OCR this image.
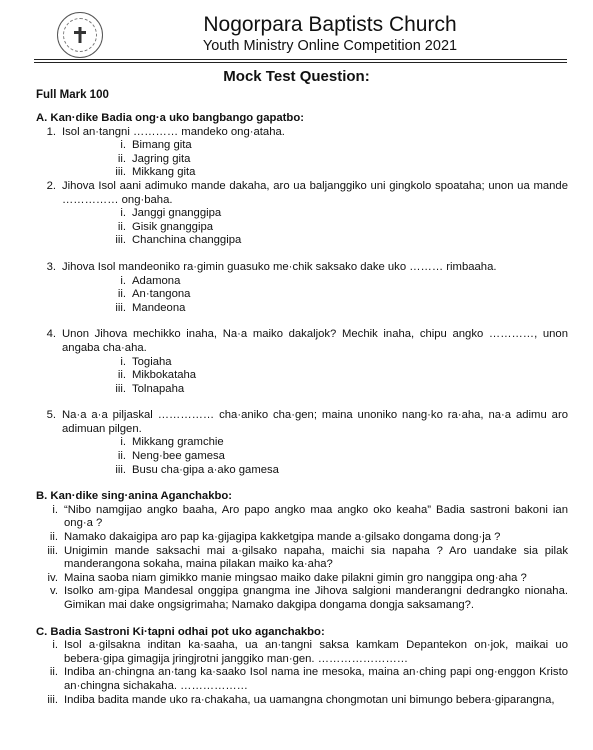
Nogorpara Baptists Church
Youth Ministry Online Competition 2021
Mock Test Question:
Full Mark 100
A. Kan·dike Badia ong·a uko bangbango gapatbo:
1. Isol an·tangni ………… mandeko ong·ataha.
i. Bimang gita
ii. Jagring gita
iii. Mikkang gita
2. Jihova Isol aani adimuko mande dakaha, aro ua baljanggiko uni gingkolo spoataha; unon ua mande …………… ong·baha.
i. Janggi gnanggipa
ii. Gisik gnanggipa
iii. Chanchina changgipa
3. Jihova Isol mandeoniko ra·gimin guasuko me·chik saksako dake uko ……… rimbaaha.
i. Adamona
ii. An·tangona
iii. Mandeona
4. Unon Jihova mechikko inaha, Na·a maiko dakaljok? Mechik inaha, chipu angko …………, unon angaba cha·aha.
i. Togiaha
ii. Mikbokataha
iii. Tolnapaha
5. Na·a a·a piljaskal …………… cha·aniko cha·gen; maina unoniko nang·ko ra·aha, na·a adimu aro adimuan pilgen.
i. Mikkang gramchie
ii. Neng·bee gamesa
iii. Busu cha·gipa a·ako gamesa
B. Kan·dike sing·anina Aganchakbo:
i. “Nibo namgijao angko baaha, Aro papo angko maa angko oko keaha” Badia sastroni bakoni ian ong·a ?
ii. Namako dakaigipa aro pap ka·gijagipa kakketgipa mande a·gilsako dongama dong·ja ?
iii. Unigimin mande saksachi mai a·gilsako napaha, maichi sia napaha ? Aro uandake sia pilak manderangona sokaha, maina pilakan maiko ka·aha?
iv. Maina saoba niam gimikko manie mingsao maiko dake pilakni gimin gro nanggipa ong·aha ?
v. Isolko am·gipa Mandesal onggipa gnangma ine Jihova salgioni manderangni dedrangko nionaha. Gimikan mai dake ongsigrimaha; Namako dakgipa dongama dongja saksamang?.
C. Badia Sastroni Ki·tapni odhai pot uko aganchakbo:
i. Isol a·gilsakna inditan ka·saaha, ua an·tangni saksa kamkam Depantekon on·jok, maikai uo bebera·gipa gimagija jringjrotni janggiko man·gen. ……………………
ii. Indiba an·chingna an·tang ka·saako Isol nama ine mesoka, maina an·ching papi ong·enggon Kristo an·chingna sichakaha. ………………
iii. Indiba badita mande uko ra·chakaha, ua uamangna chongmotan uni bimungo bebera·giparangna,
